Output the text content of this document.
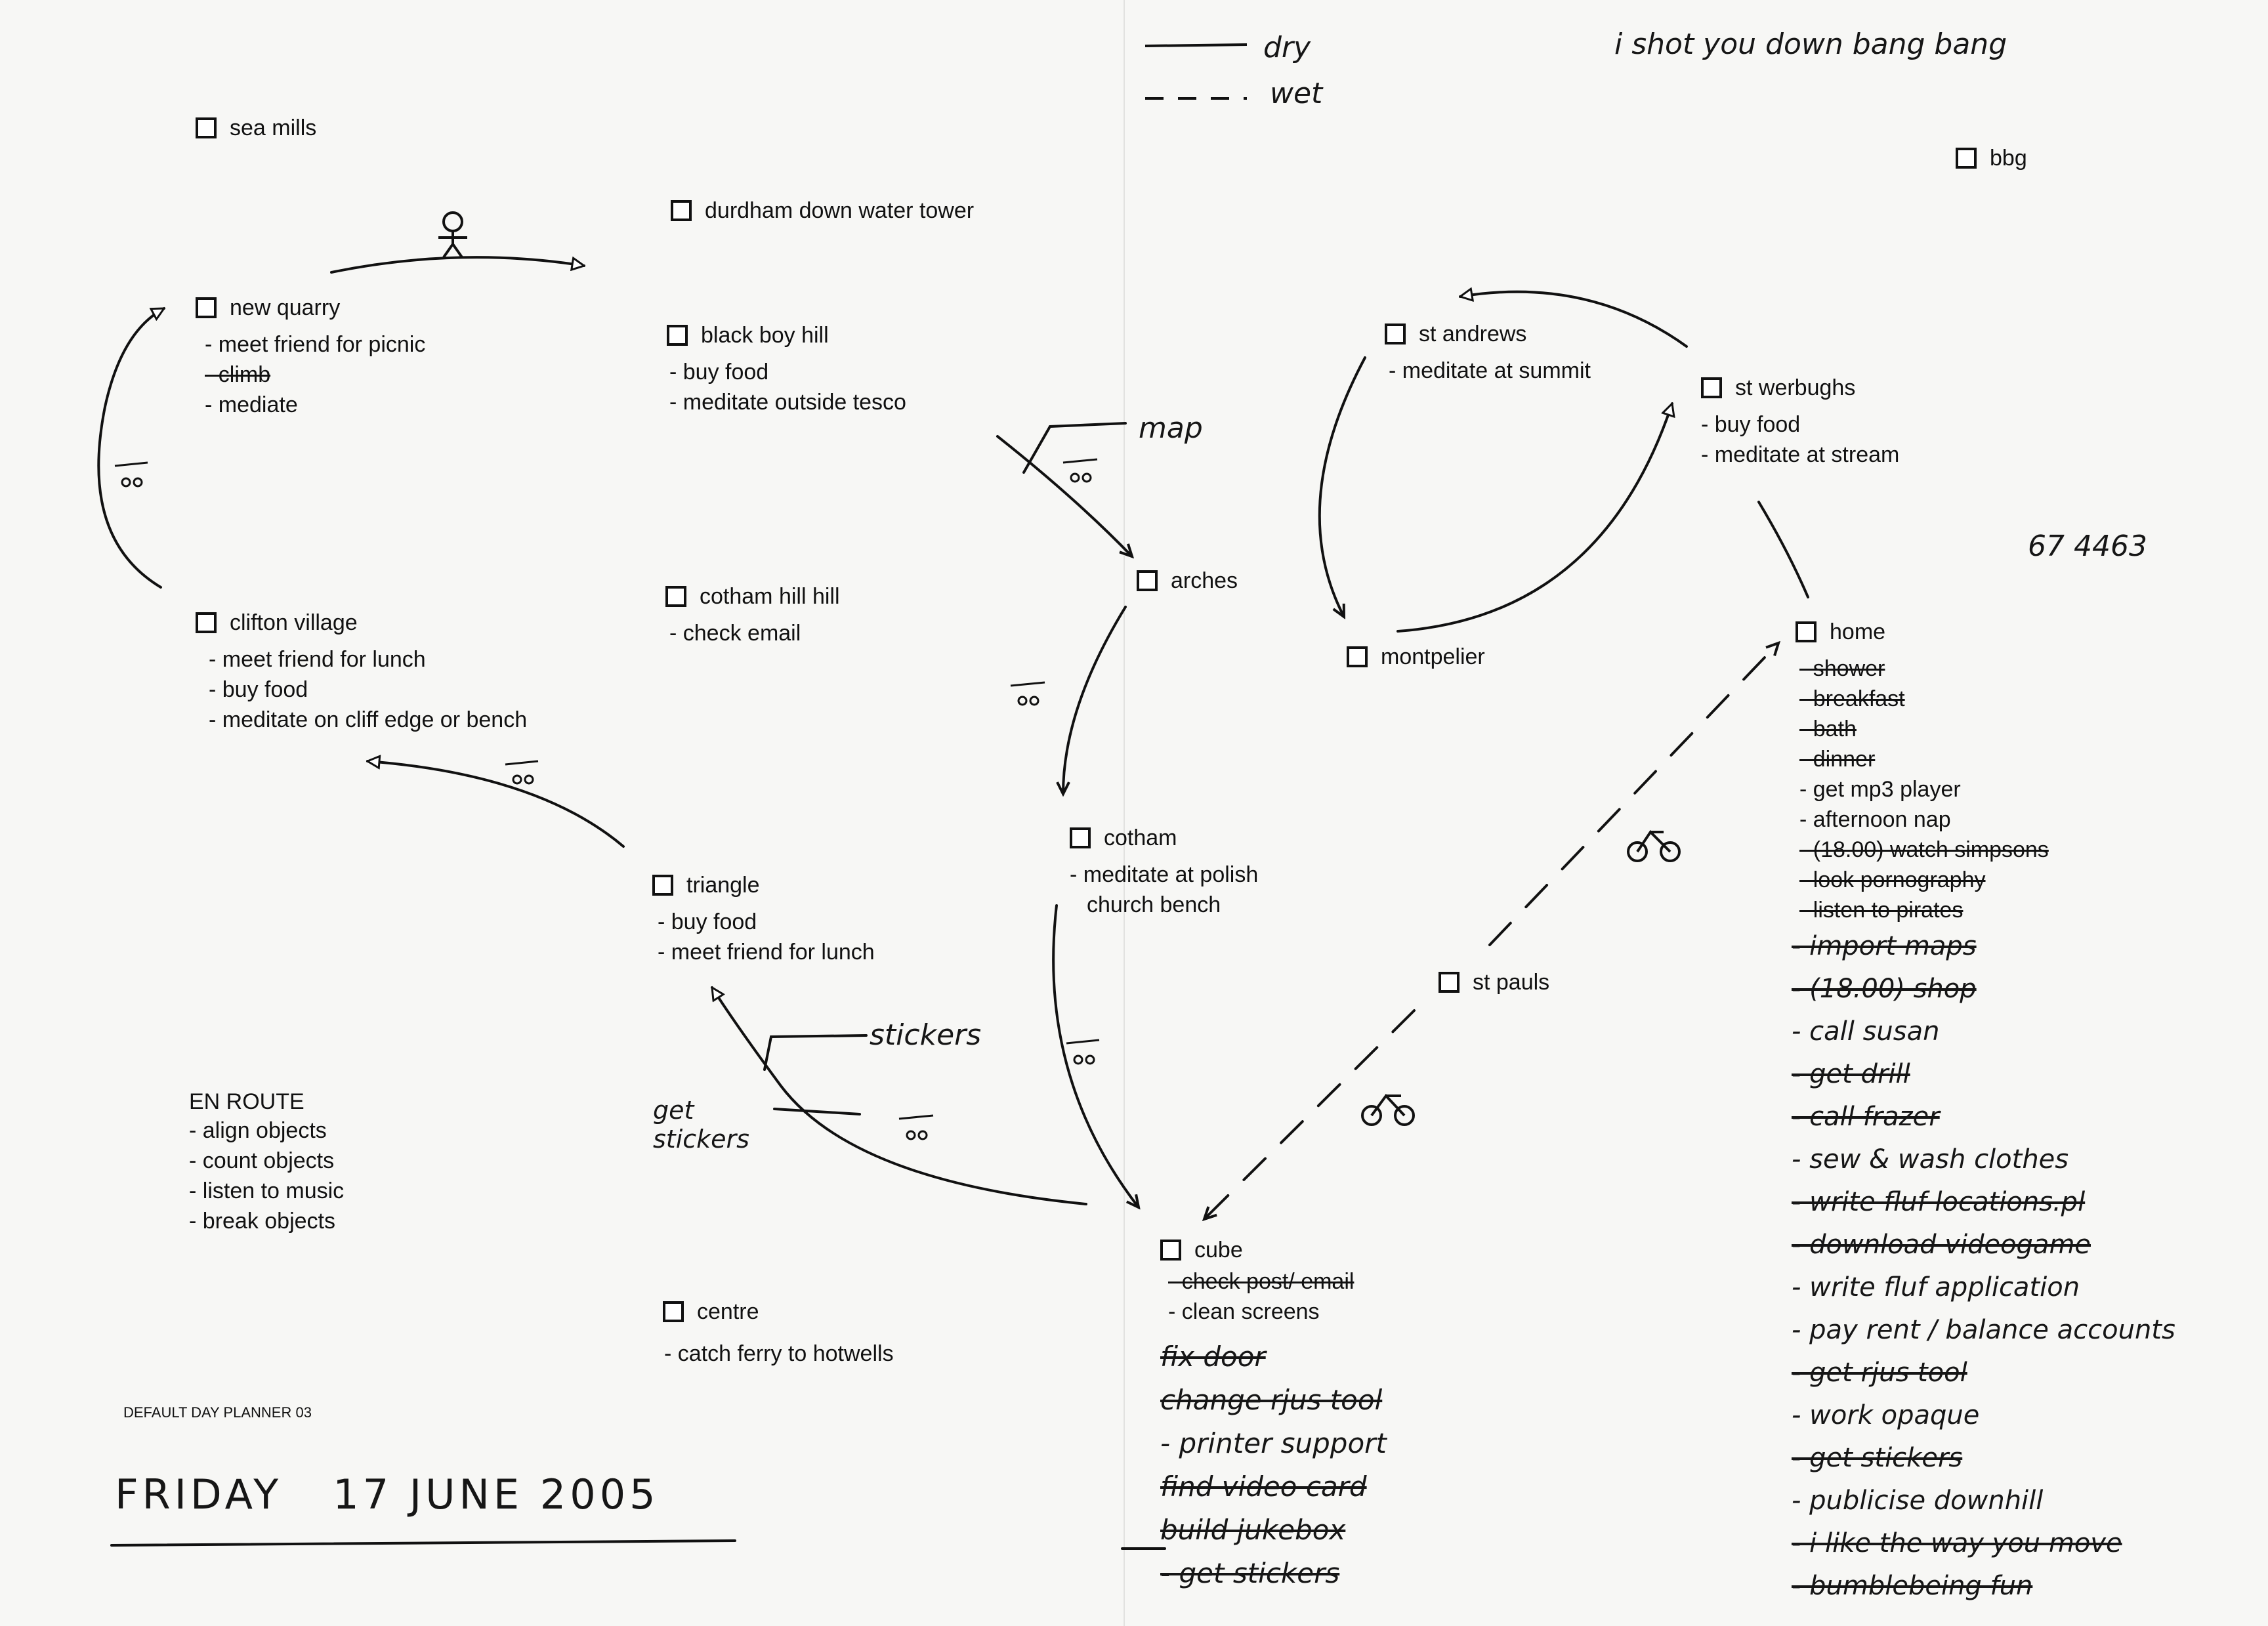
dry
wet
i shot you down bang bang
67 4463
sea mills
durdham down water tower
new quarry
- meet friend for picnic
- climb
- mediate
black boy hill
- buy food
- meditate outside tesco
clifton village
- meet friend for lunch
- buy food
- meditate on cliff edge or bench
cotham hill hill
- check email
arches
st andrews
- meditate at summit
st werbughs
- buy food
- meditate at stream
bbg
montpelier
home
- shower
- breakfast
- bath
- dinner
- get mp3 player
- afternoon nap
- (18.00) watch simpsons
- look pornography
- listen to pirates
cotham
- meditate at polish
church bench
triangle
- buy food
- meet friend for lunch
st pauls
cube
- check post/ email
- clean screens
centre
- catch ferry to hotwells
EN ROUTE
- align objects
- count objects
- listen to music
- break objects
map
stickers
get stickers
fix door
change rjus tool
- printer support
find video card
build jukebox
- get stickers
- import maps
- (18.00) shop
- call susan
- get drill
- call frazer
- sew & wash clothes
- write fluf locations.pl
- download videogame
- write fluf application
- pay rent / balance accounts
- get rjus tool
- work opaque
- get stickers
- publicise downhill
- i like the way you move
- bumblebeing fun
DEFAULT DAY PLANNER 03
FRIDAY   17 JUNE 2005
